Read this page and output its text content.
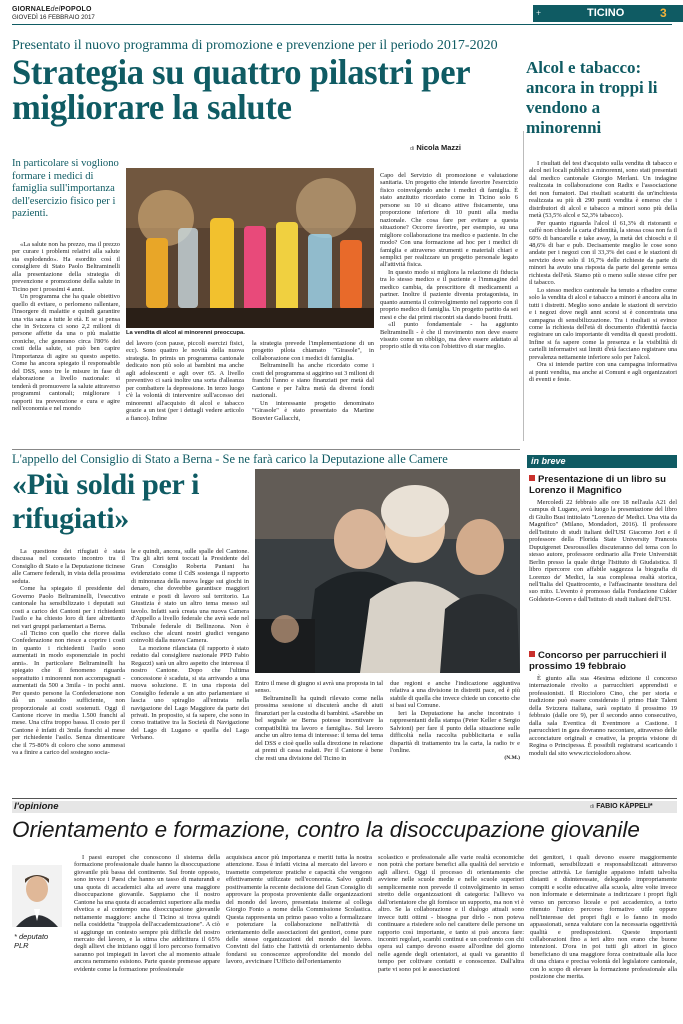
GIORNALEdelPOPOLO
GIOVEDÌ 16 FEBBRAIO 2017	+	TICINO	3
Presentato il nuovo programma di promozione e prevenzione per il periodo 2017-2020
Strategia su quattro pilastri per migliorare la salute
di Nicola Mazzi
In particolare si vogliono formare i medici di famiglia sull'importanza dell'esercizio fisico per i pazienti.

«La salute non ha prezzo, ma il prezzo per curare i problemi relativi alla salute sta esplodendo». Ha esordito così il consigliere di Stato Paolo Beltraminelli alla presentazione della strategia di prevenzione e promozione della salute in Ticino per i prossimi 4 anni.

Un programma che ha quale obiettivo quello di evitare, o perlomeno rallentare, l'insorgere di malattie e quindi garantire una vita sana a tutte le età. E se si pensa che in Svizzera ci sono 2,2 milioni di persone affette da una o più malattie croniche, che generano circa l'80% dei costi della salute, si può ben capire l'importanza di agire su questo aspetto. Come ha ancora spiegato il responsabile del DSS, sono tre le misure in fase di elaborazione a livello nazionale: si tenderà di promuovere la salute attraverso programmi cantonali; migliorare i rapporti tra prevenzione e cura e agire nell'economia e nel mondo

La vendita di alcol ai minorenni preoccupa.

del lavoro (con pause, piccoli esercizi fisici, ecc). Sono quattro le novità della nuova strategia. In primis un programma cantonale dedicato non più solo ai bambini ma anche agli adolescenti e agli over 65. A livello preventivo ci sarà inoltre una sorta d'alleanza per combattere la depressione. In terzo luogo c'è la volontà di intervenire sull'accesso dei minorenni all'acquisto di alcol e tabacco grazie a un test (per i dettagli vedere articolo a fianco). Infine

la strategia prevede l'implementazione di un progetto pilota chiamato "Girasole", in collaborazione con i medici di famiglia.

Beltraminelli ha anche ricordato come i costi del programma si aggirino sui 3 milioni di franchi l'anno e siano finanziati per metà dal Cantone e per l'altra metà da diversi fondi nazionali.

Un interessante progetto denominato "Girasole" è stato presentato da Martine Bouvier Gallacchi,

Capo del Servizio di promozione e valutazione sanitaria. Un progetto che intende favorire l'esercizio fisico coinvolgendo anche i medici di famiglia. È stato anzitutto ricordato come in Ticino solo 6 persone su 10 si dicano attive fisicamente, una proporzione inferiore di 10 punti alla media nazionale. Che cosa fare per evitare a questa situazione? Occorre favorire, per esempio, su una migliore collaborazione tra medico e paziente. In che modo? Con una formazione ad hoc per i medici di famiglia e attraverso strumenti e materiali chiari e semplici per realizzare un progetto personale legato all'attività fisica.

In questo modo si migliora la relazione di fiducia tra lo stesso medico e il paziente e l'immagine del medico cambia, da prescrittore di medicamenti a partner. Inoltre il paziente diventa protagonista, in quanto aumenta il coinvolgimento nel rapporto con il proprio medico di famiglia. Un progetto partito da sei mesi e che dai primi riscontri sta dando buoni frutti.

«Il punto fondamentale - ha aggiunto Beltraminelli - è che il movimento non deve essere vissuto come un obbligo, ma deve essere adattato al proprio stile di vita con l'obiettivo di star meglio.

Alcol e tabacco: ancora in troppi li vendono a minorenni

I risultati del test d'acquisto sulla vendita di tabacco e alcol nei locali pubblici a minorenni, sono stati presentati dal medico cantonale Giorgio Merlani. Un indagine realizzata in collaborazione con Radix e l'associazione dei non fumatori. Dai risultati scaturiti da un'inchiesta realizzata su più di 290 punti vendita è emerso che i distributori di alcol e tabacco a minori sono più della metà (53,5% alcol e 52,3% tabacco).

Per quanto riguarda l'alcol il 61,3% di ristoranti e caffè non chiede la carta d'identità, la stessa cosa non fa il 60% di bancarelle e take away, la metà dei chioschi e il 48,6% di bar e pub. Decisamente meglio le cose sono andate per i negozi con il 33,3% dei casi e le stazioni di servizio dove solo il 16,7% delle richieste da parte di minori ha avuto una risposta da parte del gerente senza richiesta dell'età. Siamo più o meno sulle stesse cifre per il tabacco.

Lo stesso medico cantonale ha tenuto a ribadire come solo la vendita di alcol e tabacco a minori è ancora alta in tutti i distretti. Meglio sono andate le stazioni di servizio e i negozi dove negli anni scorsi si è concentrata una campagna di sensibilizzazione. Tra i risultati si evince come la richiesta dell'età di documento d'identità faccia registrare un calo importante di vendita di questi prodotti. Infine si fa sapere come la presenza e la visibilità di cartelli informativi sui limiti d'età facciano registrare una prevalenza nettamente inferiore solo per l'alcol.

Ora si intende partire con una campagna informativa ai punti vendita, ma anche ai Comuni e agli organizzatori di eventi e feste.

L'appello del Consiglio di Stato a Berna - Se ne farà carico la Deputazione alle Camere
«Più soldi per i rifugiati»

La questione dei rifugiati è stata discussa nel consueto incontro tra il Consiglio di Stato e la Deputazione ticinese alle Camere federali, in vista della prossima seduta.

Come ha spiegato il presidente del Governo Paolo Beltraminelli, l'esecutivo cantonale ha sensibilizzato i deputati sui costi a carico dei Cantoni per i richiedenti l'asilo e ha chiesto loro di fare altrettanto nei vari gruppi parlamentari a Berna.

«Il Ticino con quello che riceve dalla Confederazione non riesce a coprire i costi in quanto i richiedenti l'asilo sono aumentati in modo esponenziale in pochi anni». In particolare Beltraminelli ha spiegato che il fenomeno riguarda soprattutto i minorenni non accompagnati - aumentati da 500 a 3mila - in pochi anni. Per questo persone la Confederazione non dà un sussidio sufficiente, non proporzionale ai costi sostenuti. Oggi il Cantone riceve in media 1.500 franchi al mese. Una cifra troppo bassa. Il costo per il Cantone è infatti di 3mila franchi al mese per richiedente l'asilo. Senza dimenticare che il 75-80% di coloro che sono ammessi va a finire a carico del sostegno socia-

le e quindi, ancora, sulle spalle del Cantone. Tra gli altri temi toccati la Presidente del Gran Consiglio Roberta Pantani ha evidenziato come il CdS sostenga il rapporto di minoranza della nuova legge sui giochi in denaro, che dovrebbe garantisce maggiori entrate e posti di lavoro sul territorio. La Giustizia è stato un altro tema messo sul tavolo. Infatti sarà creata una nuova Camera d'Appello a livello federale che avrà sede nel Tribunale federale di Bellinzona. Non è escluso che alcuni nostri giudici vengano coinvolti dalla nuova Camera.

La mozione rilanciata (il rapporto è stato redatto dal consigliere nazionale PPD Fabio Regazzi) sarà un altro aspetto che interessa il nostro Cantone. Dopo che l'ultima concessione è scaduta, si sta arrivando a una nuova soluzione. E in una risposta del Consiglio federale a un atto parlamentare si lascia uno spiraglio all'entrata nella navigazione del Lago Maggiore da parte dei privati. In proposito, si fa sapere, che sono in corso trattative tra la Società di Navigazione del Lago di Lugano e quella del Lago Verbano.

Entro il mese di giugno si avrà una proposta in tal senso.

Beltraminelli ha quindi rilevato come nella prossima sessione si discuterà anche di aiuti finanziari per la custodia di bambini. «Sarebbe un bel segnale se Berna potesse incentivare la compatibilità tra lavoro e famiglia». Sul lavoro anche un altro tema di interesse: il tema del tema del DSS e cioè quello sulla direzione in relazione ai premi di cassa malati. Per il Cantone è bene che resti una divisione del Ticino in

due regioni e anche l'indicazione aggiuntiva relativa a una divisione in distretti pace, ed è più stabile di quella che invece chiede un concetto che si basi sul Comune.

Ieri la Deputazione ha anche incontrato i rappresentanti della stampa (Peter Keller e Sergio Salvioni) per fare il punto della situazione sulle difficoltà nella raccolta pubblicitaria e sulla disparità di trattamento tra la carta, la radio tv e l'online.

(N.M.)
in breve
Presentazione di un libro su Lorenzo il Magnifico

Mercoledì 22 febbraio alle ore 18 nell'aula A21 del campus di Lugano, avrà luogo la presentazione del libro di Giulio Busi intitolato "Lorenzo de' Medici. Una vita da Magnifico" (Milano, Mondadori, 2016). Il professore dell'Istituto di studi italiani dell'USI Giacomo Jori e il professore della Florida State University Francois Dupuigrenet Desroussilles discuteranno del tema con lo stesso autore, professore ordinario alla Freie Universität Berlin presso la quale dirige l'Istituto di Giudaistica. Il libro ripercorre con affabile saggezza la biografia di Lorenzo de' Medici, la sua complessa realtà storica, nell'Italia del Quattrocento, e l'affascinante tessitura del suo mito. L'evento è promosso dalla Fondazione Cukier Goldstein-Goren e dall'Istituto di studi italiani dell'USI.

Concorso per parrucchieri il prossimo 19 febbraio

È giunto alla sua 46esima edizione il concorso internazionale rivolto a parrucchieri apprendisti e professionisti. Il Riccioloro Cino, che per storia e tradizione può essere considerato il primo Hair Talent della Svizzera italiana, sarà ospitato il prossimo 19 febbraio (dalle ore 9), per il secondo anno consecutivo, dalla sala Eventica di Eventmore a Castione. I parrucchieri in gara dovranno raccontare, attraverso delle acconciature originali e creative, la propria visione di Regina o Principessa. È possibili registrarsi scaricando i moduli dal sito www.ricciolodoro.show.

l'opinione	di FABIO KÄPPELI*
Orientamento e formazione, contro la disoccupazione giovanile
* deputato PLR

I paesi europei che conoscono il sistema della formazione professionale duale hanno la disoccupazione giovanile più bassa del continente. Sul fronte opposto, sono invece i Paesi che hanno un tasso di maturandi e una quota di accademici alta ad avere una maggiore disoccupazione giovanile. Sappiamo che il nostro Cantone ha una quota di accademici superiore alla media elvetica e al contempo una disoccupazione giovanile nettamente maggiore: anche il Ticino si trova quindi nella cosiddetta "trappola dell'accademizzazione". A ciò si aggiunge un contesto sempre più difficile del nostro mercato del lavoro, e la stima che addirittura il 65% degli allievi che iniziano oggi il loro percorso formativo saranno poi impiegati in lavori che al momento attuale ancora nemmeno esistono. Parte queste premesse appare evidente come la formazione professionale

acquisisca ancor più importanza e meriti tutta la nostra attenzione. Essa è infatti vicina al mercato del lavoro e trasmette competenze pratiche e capacità che vengono effettivamente utilizzate nell'economia. Salvo quindi positivamente la recente decisione del Gran Consiglio di approvare la proposta proveniente dalle organizzazioni del mondo del lavoro, presentata insieme al collega Giorgio Fonio a nome della Commissione Scolastica. Questa rappresenta un primo passo volto a formalizzare e potenziare la collaborazione nell'attività di orientamento delle associazioni dei genitori, come pure delle stesse organizzazioni del mondo del lavoro. Convinti del fatto che l'attività di orientamento debba fondarsi su conoscenze approfondite del mondo del lavoro, avvicinare l'Ufficio dell'orientamento

scolastico e professionale alle varie realtà economiche non potrà che portare benefici alla qualità del servizio e agli allievi. Oggi il processo di orientamento che avviene nelle scuole medie e nelle scuole superiori semplicemente non prevede il coinvolgimento in senso stretto delle organizzazioni di categoria: l'allievo va dall'orientatore che gli fornisce un supporto, ma non vi è altro. Se la collaborazione e il dialogo attuali sono invece tutti ottimi - bisogna pur dirlo - non poteva continuare a risiedere solo nel carattere delle persone un rapporto così importante, e tanto si può ancora fare: incontri regolari, scambi continui e un confronto con chi opera sul campo devono essere all'ordine del giorno nelle agende degli orientatori, ai quali va garantito il tempo per coltivare contatti e conoscenze. Dall'altra parte vi sono poi le associazioni

dei genitori, i quali devono essere maggiormente informati, sensibilizzati e responsabilizzati attraverso precise attività. Le famiglie appaiono infatti talvolta distanti e disinteressate, delegando impropriamente compiti e scelte educative alla scuola, altre volte invece non informate e determinate a indirizzare i propri figli verso un percorso liceale e poi accademico, a torto ritenuto l'unico percorso formativo utile oppure nell'interesse dei propri figli e lo fanno in modo appassionati, senza valutare con la necessaria oggettività qualità e predisposizioni. Queste importanti collaborazioni fino a ieri altro non erano che buone intenzioni. D'ora in poi tutti gli attori in gioco beneficiano di una maggiore forza contrattuale alla luce di una chiara e precisa volontà del legislatore cantonale, con lo scopo di elevare la formazione professionale alla posizione che merita.
